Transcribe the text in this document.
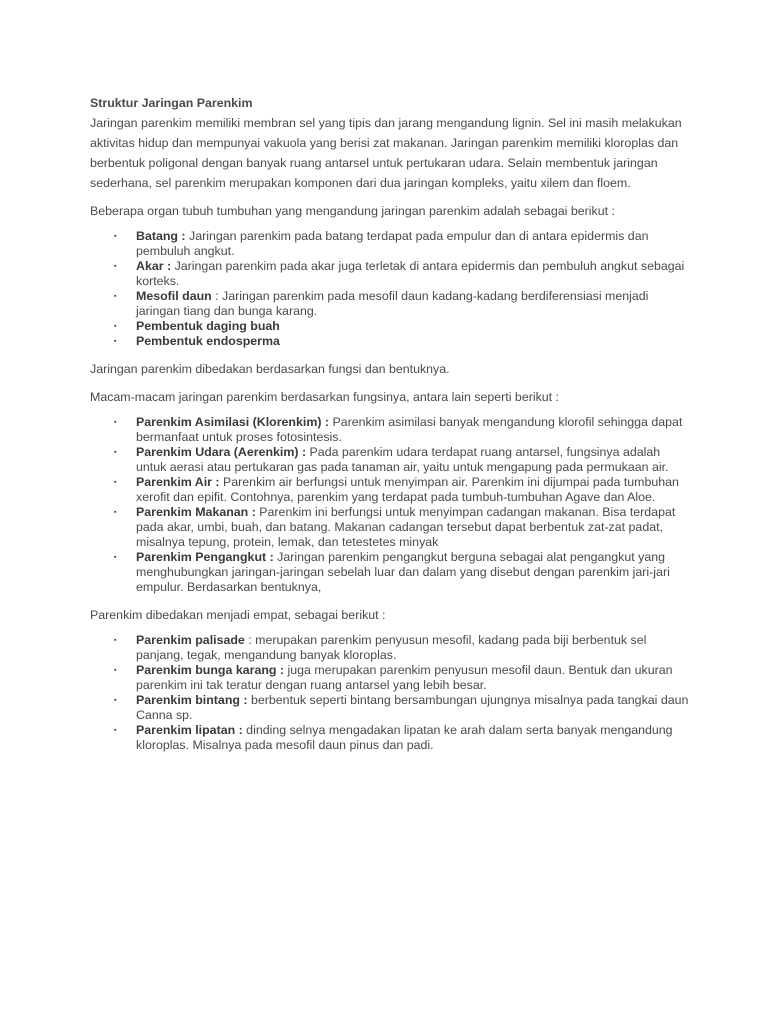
Struktur Jaringan Parenkim

Jaringan parenkim memiliki membran sel yang tipis dan jarang mengandung lignin. Sel ini masih melakukan aktivitas hidup dan mempunyai vakuola yang berisi zat makanan. Jaringan parenkim memiliki kloroplas dan berbentuk poligonal dengan banyak ruang antarsel untuk pertukaran udara. Selain membentuk jaringan sederhana, sel parenkim merupakan komponen dari dua jaringan kompleks, yaitu xilem dan floem.

Beberapa organ tubuh tumbuhan yang mengandung jaringan parenkim adalah sebagai berikut :

▪ Batang : Jaringan parenkim pada batang terdapat pada empulur dan di antara epidermis dan pembuluh angkut.
▪ Akar : Jaringan parenkim pada akar juga terletak di antara epidermis dan pembuluh angkut sebagai korteks.
▪ Mesofil daun : Jaringan parenkim pada mesofil daun kadang-kadang berdiferensiasi menjadi jaringan tiang dan bunga karang.
▪ Pembentuk daging buah
▪ Pembentuk endosperma

Jaringan parenkim dibedakan berdasarkan fungsi dan bentuknya.

Macam-macam jaringan parenkim berdasarkan fungsinya, antara lain seperti berikut :

▪ Parenkim Asimilasi (Klorenkim) : Parenkim asimilasi banyak mengandung klorofil sehingga dapat bermanfaat untuk proses fotosintesis.
▪ Parenkim Udara (Aerenkim) : Pada parenkim udara terdapat ruang antarsel, fungsinya adalah untuk aerasi atau pertukaran gas pada tanaman air, yaitu untuk mengapung pada permukaan air.
▪ Parenkim Air : Parenkim air berfungsi untuk menyimpan air. Parenkim ini dijumpai pada tumbuhan xerofit dan epifit. Contohnya, parenkim yang terdapat pada tumbuh-tumbuhan Agave dan Aloe.
▪ Parenkim Makanan : Parenkim ini berfungsi untuk menyimpan cadangan makanan. Bisa terdapat pada akar, umbi, buah, dan batang. Makanan cadangan tersebut dapat berbentuk zat-zat padat, misalnya tepung, protein, lemak, dan tetestetes minyak
▪ Parenkim Pengangkut : Jaringan parenkim pengangkut berguna sebagai alat pengangkut yang menghubungkan jaringan-jaringan sebelah luar dan dalam yang disebut dengan parenkim jari-jari empulur. Berdasarkan bentuknya,

Parenkim dibedakan menjadi empat, sebagai berikut :

▪ Parenkim palisade : merupakan parenkim penyusun mesofil, kadang pada biji berbentuk sel panjang, tegak, mengandung banyak kloroplas.
▪ Parenkim bunga karang : juga merupakan parenkim penyusun mesofil daun. Bentuk dan ukuran parenkim ini tak teratur dengan ruang antarsel yang lebih besar.
▪ Parenkim bintang : berbentuk seperti bintang bersambungan ujungnya misalnya pada tangkai daun Canna sp.
▪ Parenkim lipatan : dinding selnya mengadakan lipatan ke arah dalam serta banyak mengandung kloroplas. Misalnya pada mesofil daun pinus dan padi.
